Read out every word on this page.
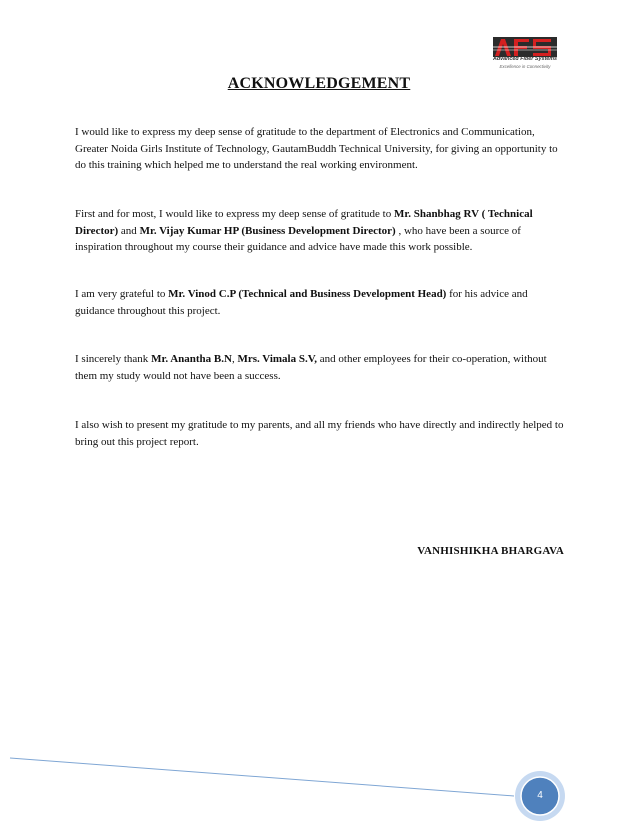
Advanced Fiber Systems
Excellence in Connectivity
ACKNOWLEDGEMENT

I would like to express my deep sense of gratitude to the department of Electronics and Communication, Greater Noida Girls Institute of Technology, GautamBuddh Technical University, for giving an opportunity to do this training which helped me to understand the real working environment.

First and for most, I would like to express my deep sense of gratitude to Mr. Shanbhag RV ( Technical Director) and Mr. Vijay Kumar HP (Business Development Director) , who have been a source of inspiration throughout my course their guidance and advice have made this work possible.

I am very grateful to Mr. Vinod C.P (Technical and Business Development Head) for his advice and guidance throughout this project.

I sincerely thank Mr. Anantha B.N, Mrs. Vimala S.V, and other employees for their co-operation, without them my study would not have been a success.

I also wish to present my gratitude to my parents, and all my friends who have directly and indirectly helped to bring out this project report.

VANHISHIKHA BHARGAVA
4
